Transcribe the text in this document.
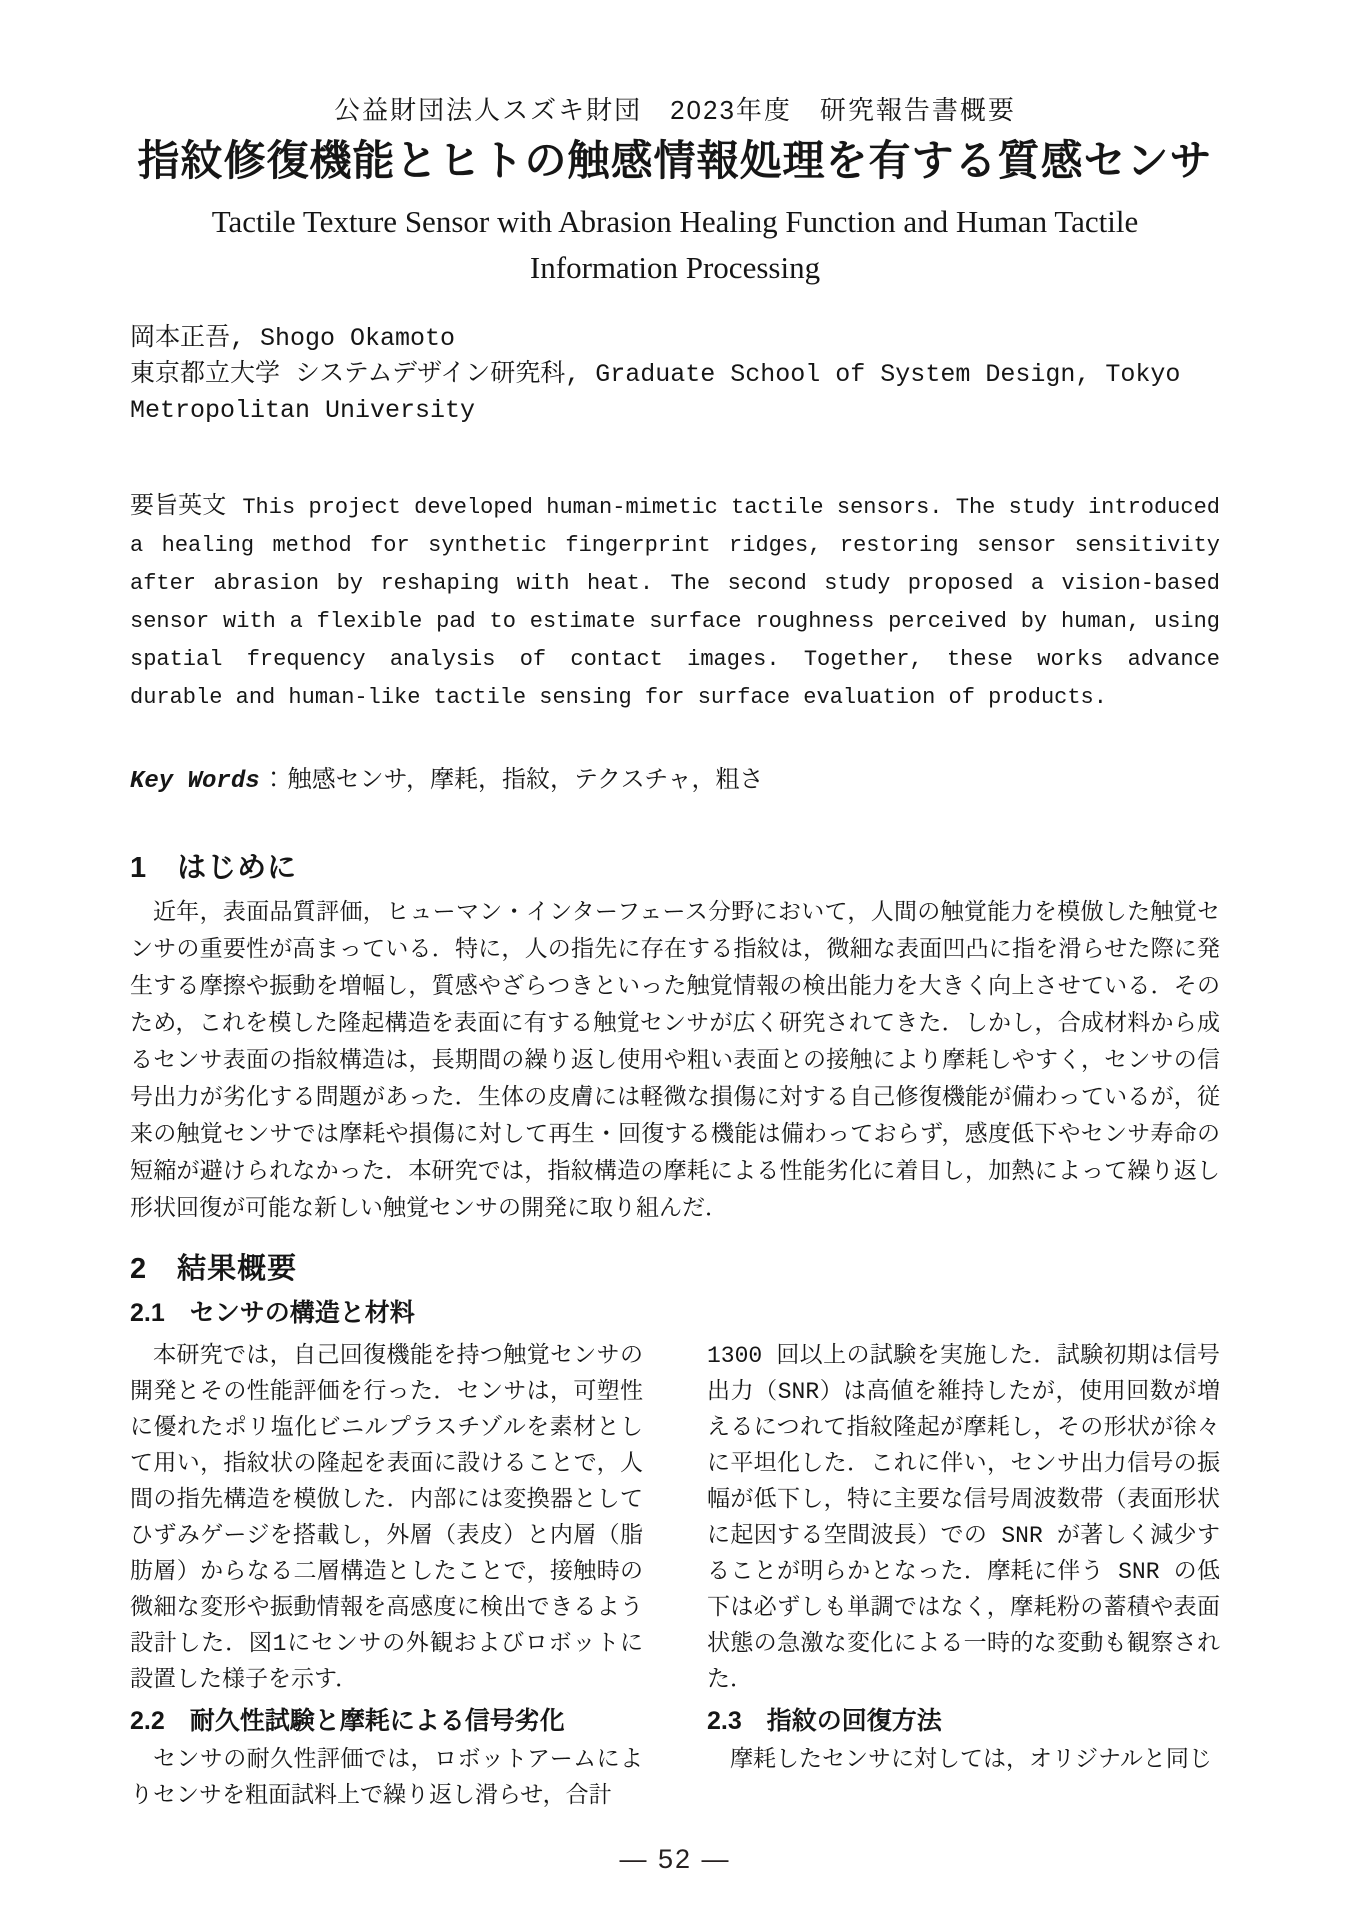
公益財団法人スズキ財団　2023年度　研究報告書概要
指紋修復機能とヒトの触感情報処理を有する質感センサ
Tactile Texture Sensor with Abrasion Healing Function and Human Tactile Information Processing

岡本正吾, Shogo Okamoto

東京都立大学 システムデザイン研究科, Graduate School of System Design, Tokyo Metropolitan University

要旨英文 This project developed human-mimetic tactile sensors. The study introduced a healing method for synthetic fingerprint ridges, restoring sensor sensitivity after abrasion by reshaping with heat. The second study proposed a vision-based sensor with a flexible pad to estimate surface roughness perceived by human, using spatial frequency analysis of contact images. Together, these works advance durable and human-like tactile sensing for surface evaluation of products.

Key Words：触感センサ，摩耗，指紋，テクスチャ，粗さ

1　はじめに

近年，表面品質評価，ヒューマン・インターフェース分野において，人間の触覚能力を模倣した触覚センサの重要性が高まっている．特に，人の指先に存在する指紋は，微細な表面凹凸に指を滑らせた際に発生する摩擦や振動を増幅し，質感やざらつきといった触覚情報の検出能力を大きく向上させている．そのため，これを模した隆起構造を表面に有する触覚センサが広く研究されてきた．しかし，合成材料から成るセンサ表面の指紋構造は，長期間の繰り返し使用や粗い表面との接触により摩耗しやすく，センサの信号出力が劣化する問題があった．生体の皮膚には軽微な損傷に対する自己修復機能が備わっているが，従来の触覚センサでは摩耗や損傷に対して再生・回復する機能は備わっておらず，感度低下やセンサ寿命の短縮が避けられなかった．本研究では，指紋構造の摩耗による性能劣化に着目し，加熱によって繰り返し形状回復が可能な新しい触覚センサの開発に取り組んだ．

2　結果概要
2.1　センサの構造と材料

本研究では，自己回復機能を持つ触覚センサの開発とその性能評価を行った．センサは，可塑性に優れたポリ塩化ビニルプラスチゾルを素材として用い，指紋状の隆起を表面に設けることで，人間の指先構造を模倣した．内部には変換器としてひずみゲージを搭載し，外層（表皮）と内層（脂肪層）からなる二層構造としたことで，接触時の微細な変形や振動情報を高感度に検出できるよう設計した．図1にセンサの外観およびロボットに設置した様子を示す．

2.2　耐久性試験と摩耗による信号劣化

センサの耐久性評価では，ロボットアームによりセンサを粗面試料上で繰り返し滑らせ，合計

1300 回以上の試験を実施した．試験初期は信号出力（SNR）は高値を維持したが，使用回数が増えるにつれて指紋隆起が摩耗し，その形状が徐々に平坦化した．これに伴い，センサ出力信号の振幅が低下し，特に主要な信号周波数帯（表面形状に起因する空間波長）での SNR が著しく減少することが明らかとなった．摩耗に伴う SNR の低下は必ずしも単調ではなく，摩耗粉の蓄積や表面状態の急激な変化による一時的な変動も観察された．

2.3　指紋の回復方法

摩耗したセンサに対しては，オリジナルと同じ

― 52 ―
